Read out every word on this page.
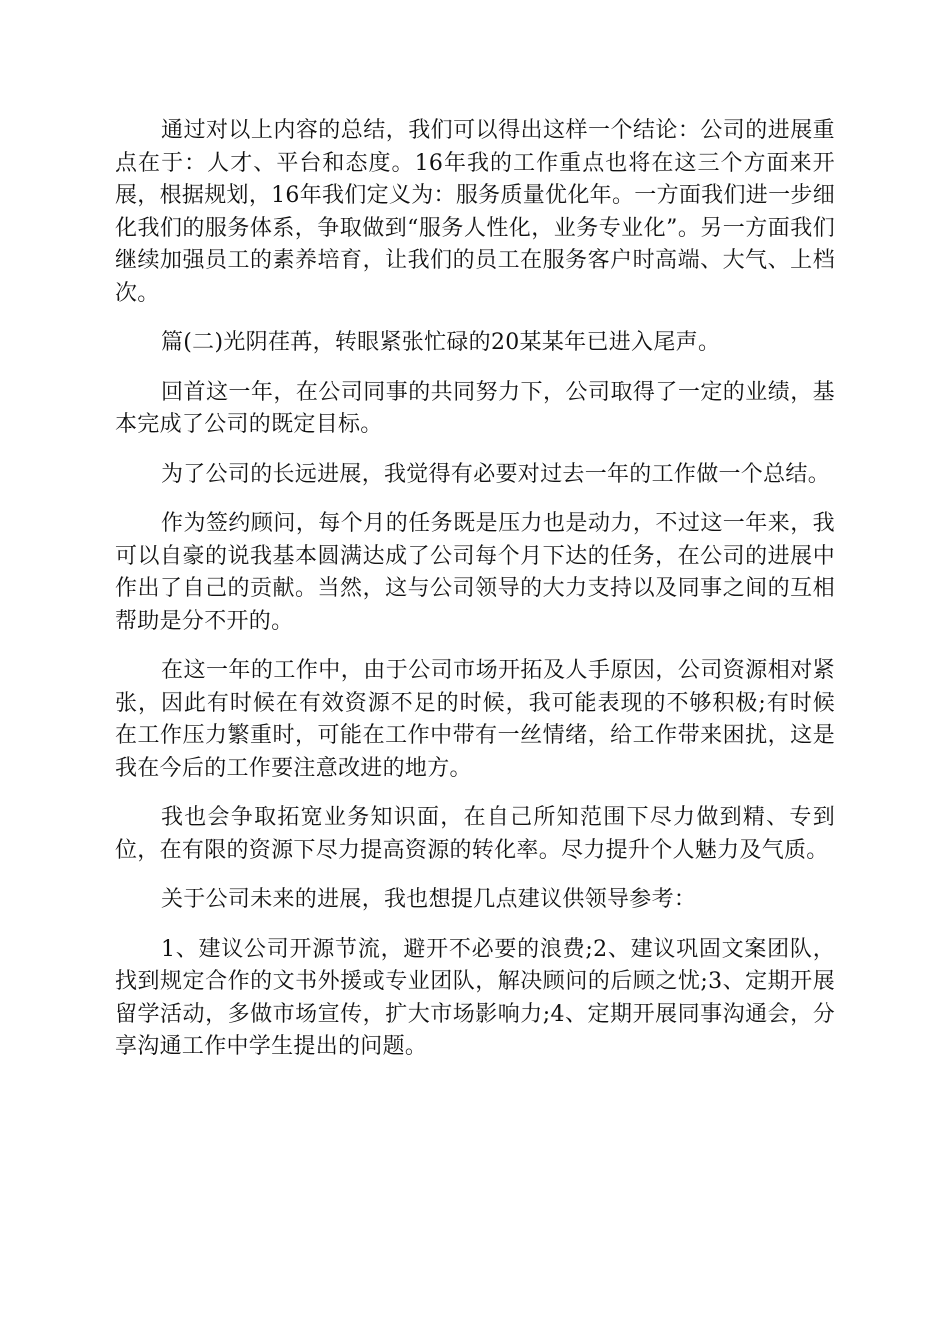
通过对以上内容的总结，我们可以得出这样一个结论：公司的进展重点在于：人才、平台和态度。16年我的工作重点也将在这三个方面来开展，根据规划，16年我们定义为：服务质量优化年。一方面我们进一步细化我们的服务体系，争取做到“服务人性化，业务专业化”。另一方面我们继续加强员工的素养培育，让我们的员工在服务客户时高端、大气、上档次。

篇(二)光阴荏苒，转眼紧张忙碌的20某某年已进入尾声。

回首这一年，在公司同事的共同努力下，公司取得了一定的业绩，基本完成了公司的既定目标。

为了公司的长远进展，我觉得有必要对过去一年的工作做一个总结。

作为签约顾问，每个月的任务既是压力也是动力，不过这一年来，我可以自豪的说我基本圆满达成了公司每个月下达的任务，在公司的进展中作出了自己的贡献。当然，这与公司领导的大力支持以及同事之间的互相帮助是分不开的。

在这一年的工作中，由于公司市场开拓及人手原因，公司资源相对紧张，因此有时候在有效资源不足的时候，我可能表现的不够积极;有时候在工作压力繁重时，可能在工作中带有一丝情绪，给工作带来困扰，这是我在今后的工作要注意改进的地方。

我也会争取拓宽业务知识面，在自己所知范围下尽力做到精、专到位，在有限的资源下尽力提高资源的转化率。尽力提升个人魅力及气质。

关于公司未来的进展，我也想提几点建议供领导参考：

1、建议公司开源节流，避开不必要的浪费;2、建议巩固文案团队，找到规定合作的文书外援或专业团队，解决顾问的后顾之忧;3、定期开展留学活动，多做市场宣传，扩大市场影响力;4、定期开展同事沟通会，分享沟通工作中学生提出的问题。
